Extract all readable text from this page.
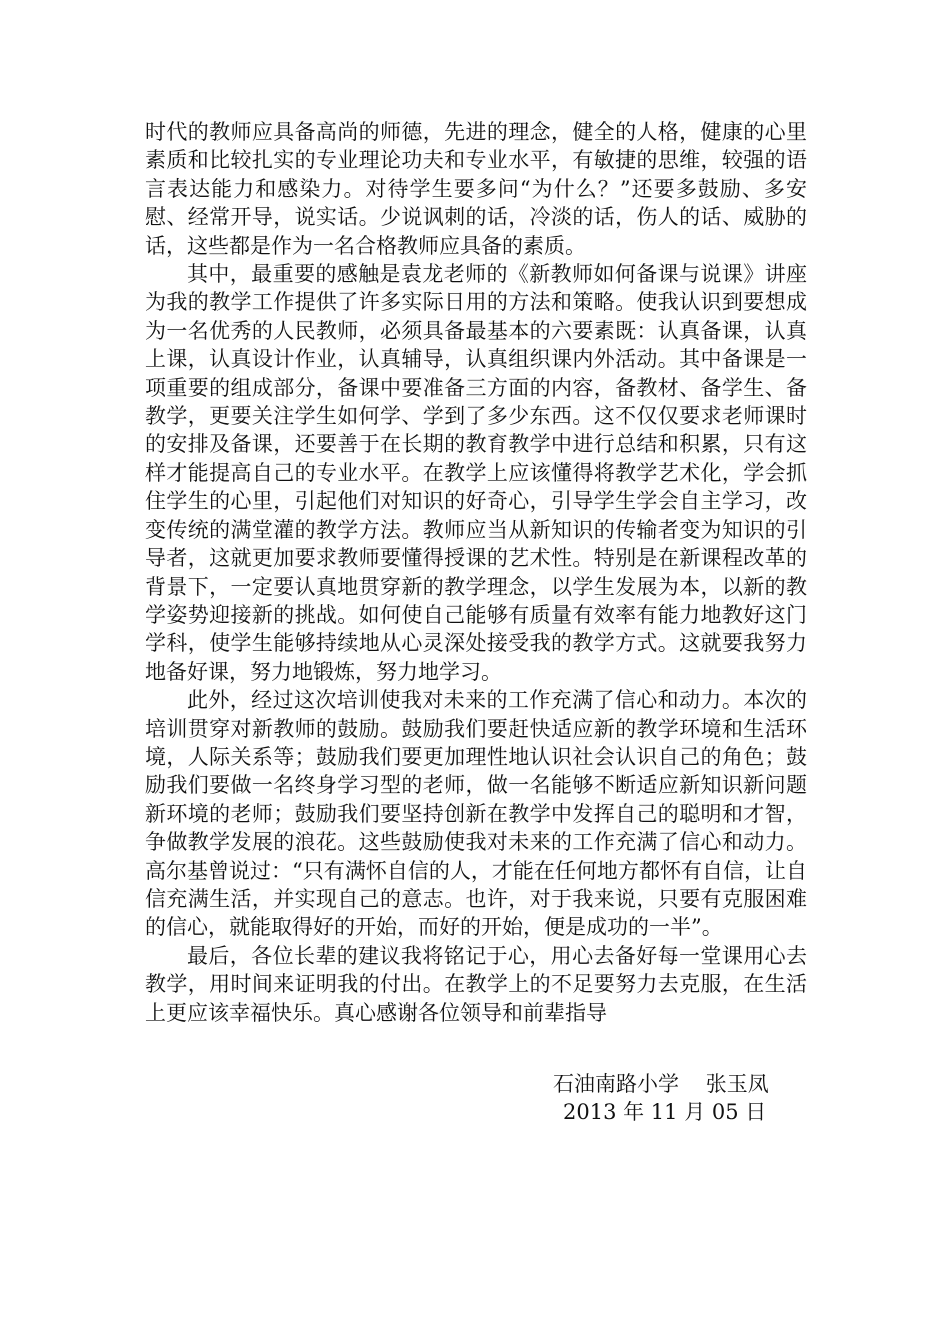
时代的教师应具备高尚的师德，先进的理念，健全的人格，健康的心里素质和比较扎实的专业理论功夫和专业水平，有敏捷的思维，较强的语言表达能力和感染力。对待学生要多问“为什么？”还要多鼓励、多安慰、经常开导，说实话。少说讽刺的话，冷淡的话，伤人的话、威胁的话，这些都是作为一名合格教师应具备的素质。

其中，最重要的感触是袁龙老师的《新教师如何备课与说课》讲座为我的教学工作提供了许多实际日用的方法和策略。使我认识到要想成为一名优秀的人民教师，必须具备最基本的六要素既：认真备课，认真上课，认真设计作业，认真辅导，认真组织课内外活动。其中备课是一项重要的组成部分，备课中要准备三方面的内容，备教材、备学生、备教学，更要关注学生如何学、学到了多少东西。这不仅仅要求老师课时的安排及备课，还要善于在长期的教育教学中进行总结和积累，只有这样才能提高自己的专业水平。在教学上应该懂得将教学艺术化，学会抓住学生的心里，引起他们对知识的好奇心，引导学生学会自主学习，改变传统的满堂灌的教学方法。教师应当从新知识的传输者变为知识的引导者，这就更加要求教师要懂得授课的艺术性。特别是在新课程改革的背景下，一定要认真地贯穿新的教学理念，以学生发展为本，以新的教学姿势迎接新的挑战。如何使自己能够有质量有效率有能力地教好这门学科，使学生能够持续地从心灵深处接受我的教学方式。这就要我努力地备好课，努力地锻炼，努力地学习。

此外，经过这次培训使我对未来的工作充满了信心和动力。本次的培训贯穿对新教师的鼓励。鼓励我们要赶快适应新的教学环境和生活环境，人际关系等；鼓励我们要更加理性地认识社会认识自己的角色；鼓励我们要做一名终身学习型的老师，做一名能够不断适应新知识新问题新环境的老师；鼓励我们要坚持创新在教学中发挥自己的聪明和才智，争做教学发展的浪花。这些鼓励使我对未来的工作充满了信心和动力。高尔基曾说过：“只有满怀自信的人，才能在任何地方都怀有自信，让自信充满生活，并实现自己的意志。也许，对于我来说，只要有克服困难的信心，就能取得好的开始，而好的开始，便是成功的一半”。

最后，各位长辈的建议我将铭记于心，用心去备好每一堂课用心去教学，用时间来证明我的付出。在教学上的不足要努力去克服，在生活上更应该幸福快乐。真心感谢各位领导和前辈指导

石油南路小学    张玉凤
2013 年 11 月 05 日
